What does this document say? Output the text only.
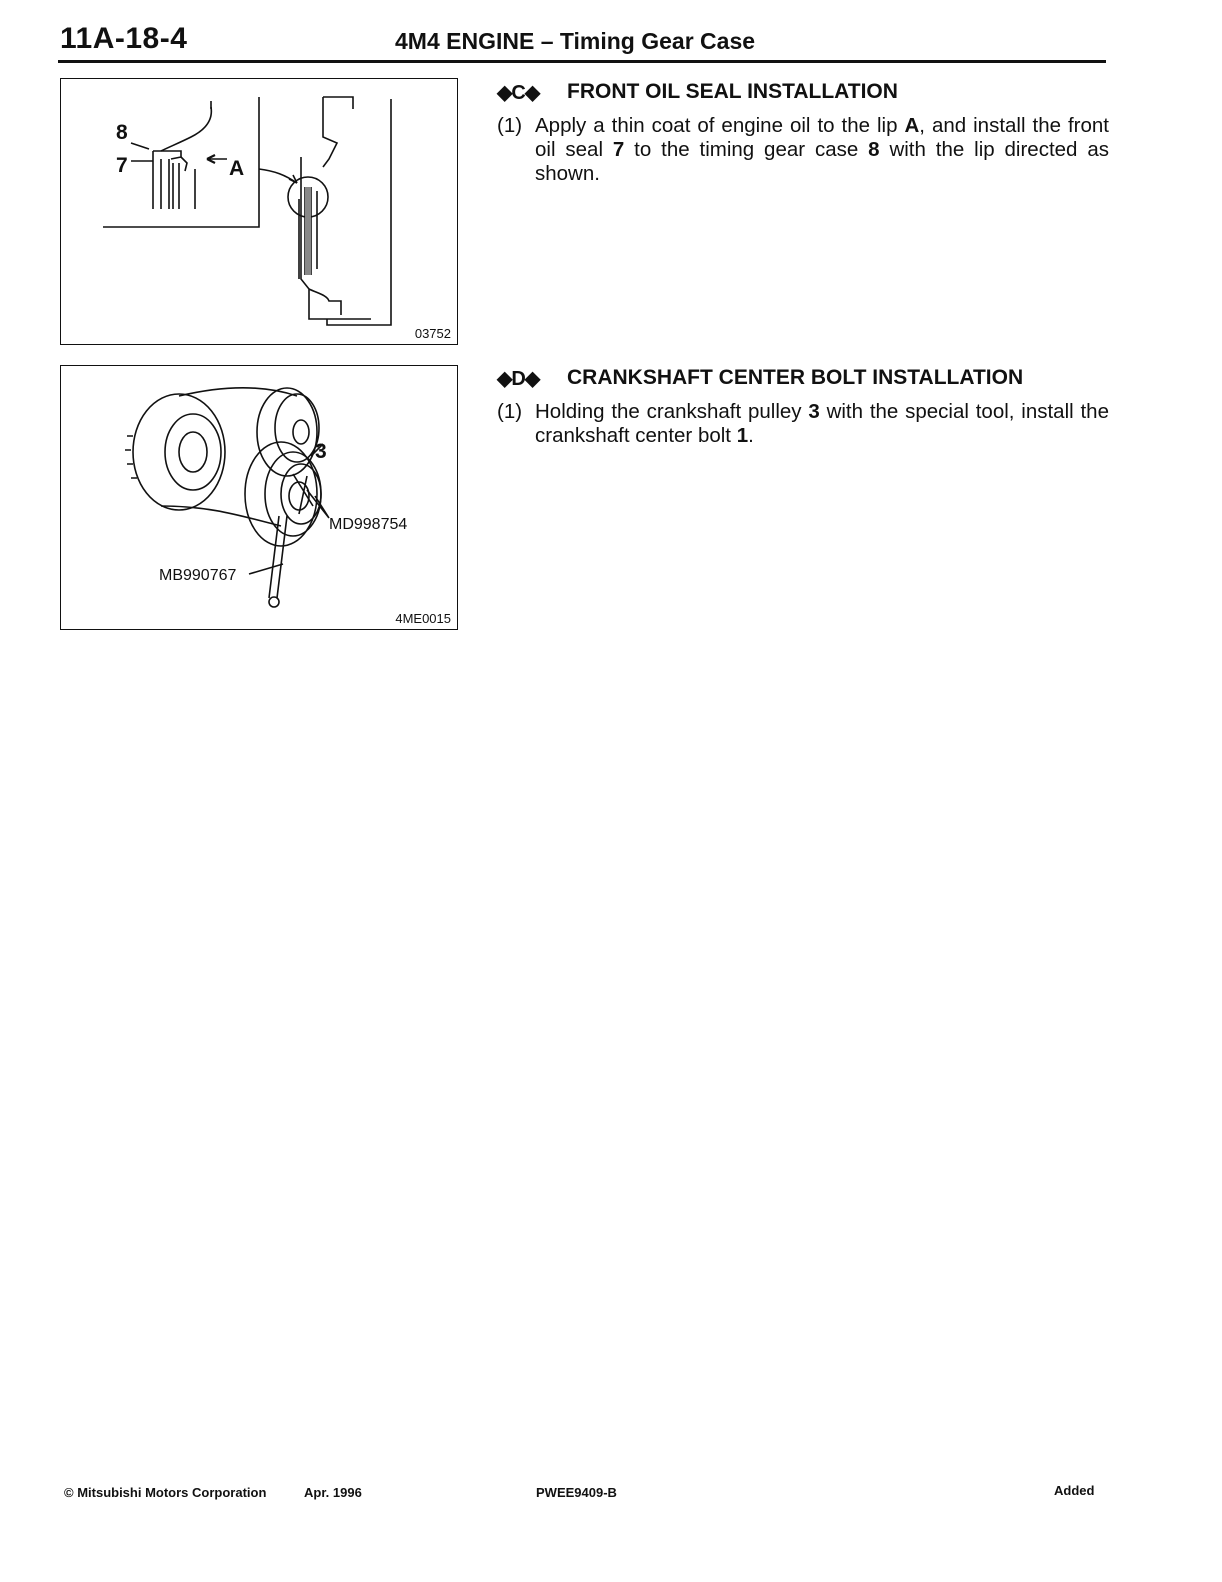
11A-18-4	4M4 ENGINE – Timing Gear Case
8
7	A
03752
3
MD998754
MB990767
4ME0015
◆C◆	FRONT OIL SEAL INSTALLATION
(1) Apply a thin coat of engine oil to the lip A, and install the front oil seal 7 to the timing gear case 8 with the lip directed as shown.
◆D◆	CRANKSHAFT CENTER BOLT INSTALLATION
(1) Holding the crankshaft pulley 3 with the special tool, install the crankshaft center bolt 1.
© Mitsubishi Motors Corporation	Apr. 1996	PWEE9409-B	Added
